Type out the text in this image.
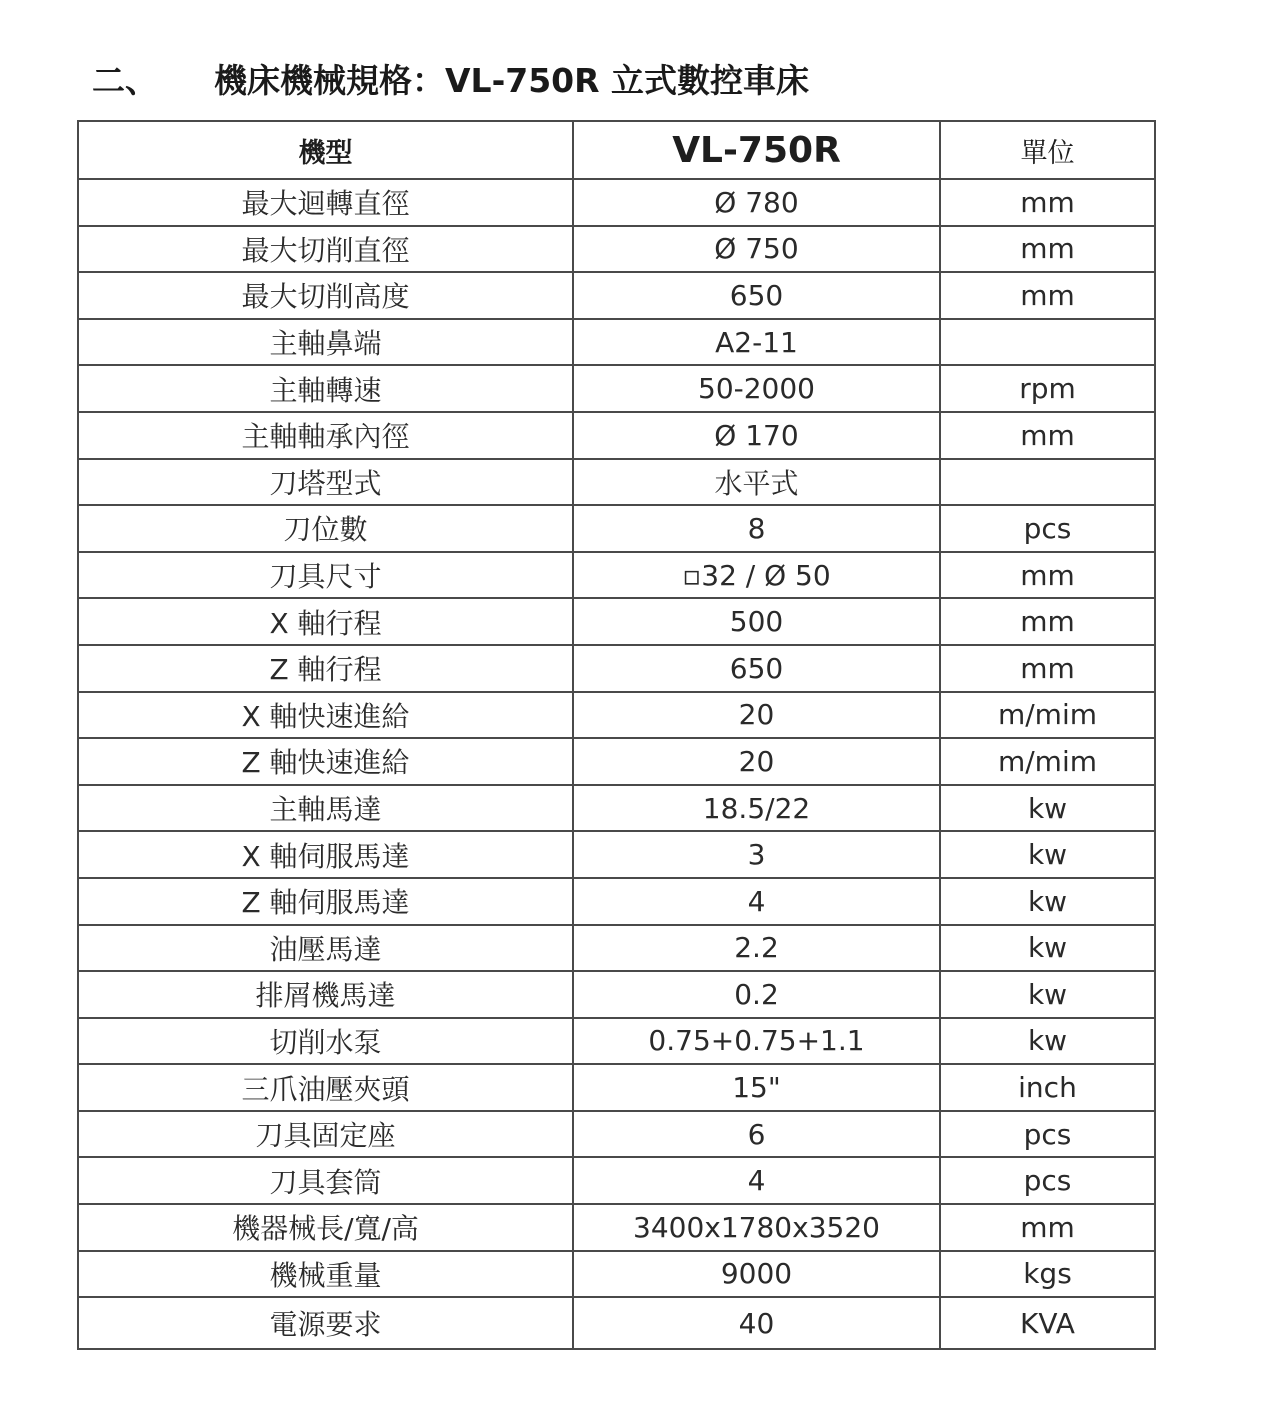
二、	機床機械規格：VL-750R 立式數控車床
機型	VL-750R	單位
最大迴轉直徑	Ø 780	mm
最大切削直徑	Ø 750	mm
最大切削高度	650	mm
主軸鼻端	A2-11	
主軸轉速	50-2000	rpm
主軸軸承內徑	Ø 170	mm
刀塔型式	水平式	
刀位數	8	pcs
刀具尺寸	▫32 / Ø 50	mm
X 軸行程	500	mm
Z 軸行程	650	mm
X 軸快速進給	20	m/mim
Z 軸快速進給	20	m/mim
主軸馬達	18.5/22	kw
X 軸伺服馬達	3	kw
Z 軸伺服馬達	4	kw
油壓馬達	2.2	kw
排屑機馬達	0.2	kw
切削水泵	0.75+0.75+1.1	kw
三爪油壓夾頭	15"	inch
刀具固定座	6	pcs
刀具套筒	4	pcs
機器械長/寬/高	3400x1780x3520	mm
機械重量	9000	kgs
電源要求	40	KVA
